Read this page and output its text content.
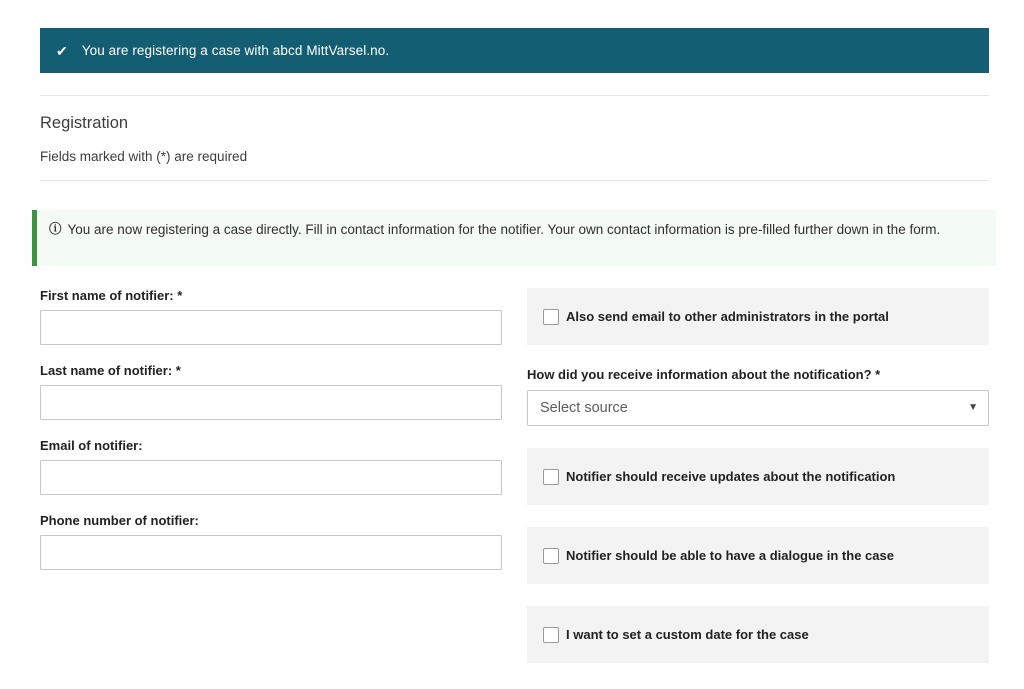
✔ You are registering a case with abcd MittVarsel.no.
Registration
Fields marked with (*) are required
ⓘ You are now registering a case directly. Fill in contact information for the notifier. Your own contact information is pre-filled further down in the form.
First name of notifier: *
Last name of notifier: *
Email of notifier:
Phone number of notifier:
Also send email to other administrators in the portal
How did you receive information about the notification? *
Select source	▼
Notifier should receive updates about the notification
Notifier should be able to have a dialogue in the case
I want to set a custom date for the case
